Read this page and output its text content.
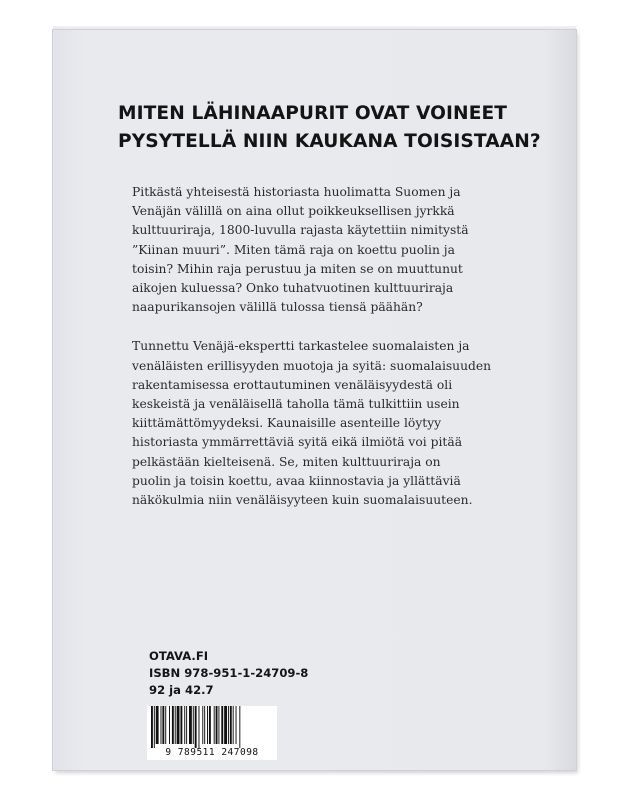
MITEN LÄHINAAPURIT OVAT VOINEET
PYSYTELLÄ NIIN KAUKANA TOISISTAAN?

Pitkästä yhteisestä historiasta huolimatta Suomen ja
Venäjän välillä on aina ollut poikkeuksellisen jyrkkä
kulttuuriraja, 1800-luvulla rajasta käytettiin nimitystä
”Kiinan muuri”. Miten tämä raja on koettu puolin ja
toisin? Mihin raja perustuu ja miten se on muuttunut
aikojen kuluessa? Onko tuhatvuotinen kulttuuriraja
naapurikansojen välillä tulossa tiensä päähän?

Tunnettu Venäjä-ekspertti tarkastelee suomalaisten ja
venäläisten erillisyyden muotoja ja syitä: suomalaisuuden
rakentamisessa erottautuminen venäläisyydestä oli
keskeistä ja venäläisellä taholla tämä tulkittiin usein
kiittämättömyydeksi. Kaunaisille asenteille löytyy
historiasta ymmärrettäviä syitä eikä ilmiötä voi pitää
pelkästään kielteisenä. Se, miten kulttuuriraja on
puolin ja toisin koettu, avaa kiinnostavia ja yllättäviä
näkökulmia niin venäläisyyteen kuin suomalaisuuteen.

OTAVA.FI
ISBN 978-951-1-24709-8
92 ja 42.7
9 789511 247098
